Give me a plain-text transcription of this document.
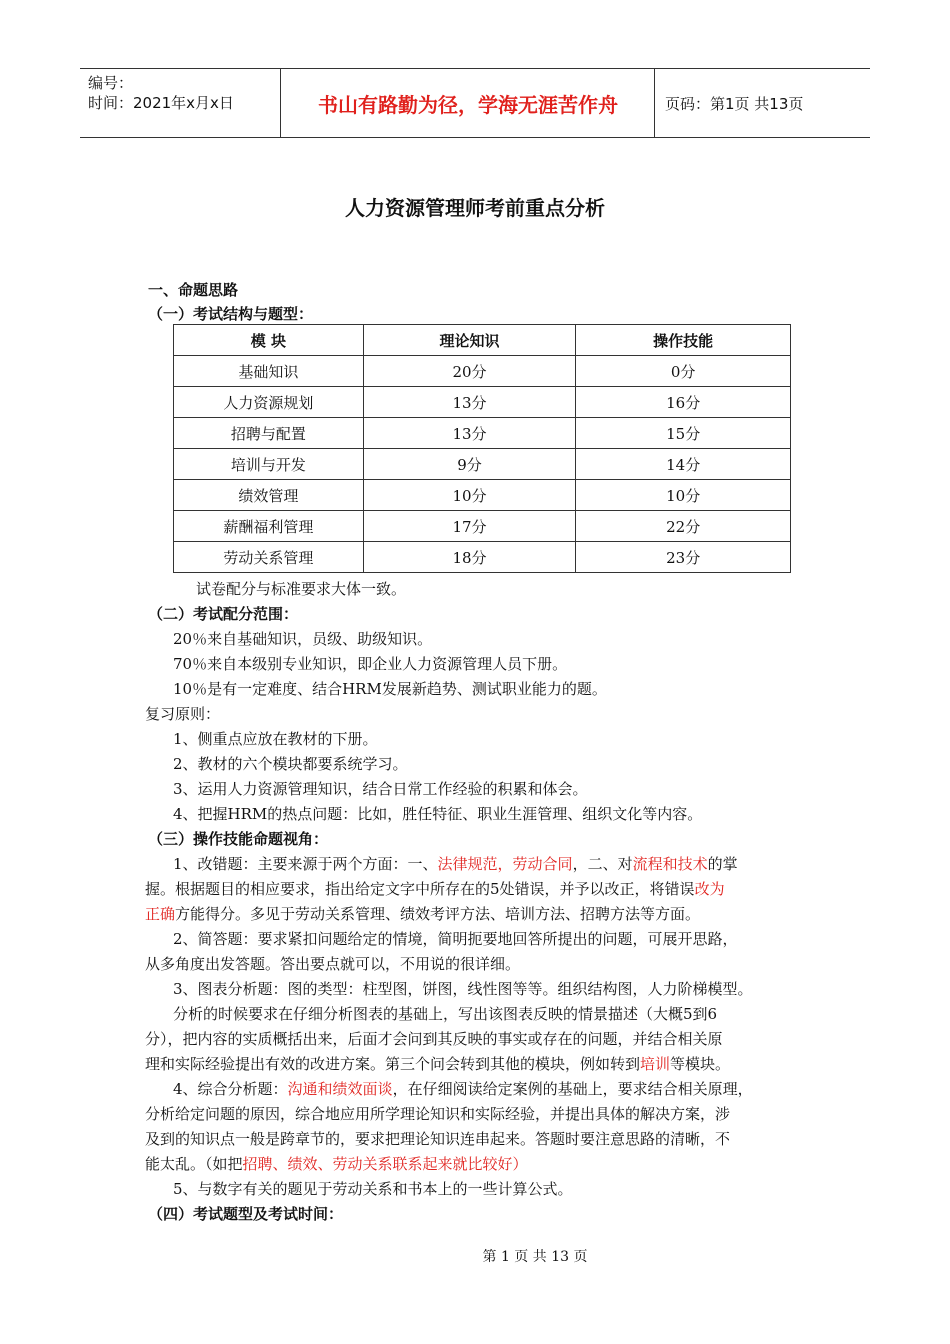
编号：
时间：2021年x月x日	书山有路勤为径，学海无涯苦作舟	页码：第1页 共13页
人力资源管理师考前重点分析
一、命题思路
（一）考试结构与题型：
模 块	理论知识	操作技能
基础知识	20分	0分
人力资源规划	13分	16分
招聘与配置	13分	15分
培训与开发	9分	14分
绩效管理	10分	10分
薪酬福利管理	17分	22分
劳动关系管理	18分	23分
试卷配分与标准要求大体一致。
（二）考试配分范围：
20％来自基础知识，员级、助级知识。
70％来自本级别专业知识，即企业人力资源管理人员下册。
10％是有一定难度、结合HRM发展新趋势、测试职业能力的题。
复习原则：
1、侧重点应放在教材的下册。
2、教材的六个模块都要系统学习。
3、运用人力资源管理知识，结合日常工作经验的积累和体会。
4、把握HRM的热点问题：比如，胜任特征、职业生涯管理、组织文化等内容。
（三）操作技能命题视角：
1、改错题：主要来源于两个方面：一、法律规范，劳动合同，二、对流程和技术的掌
握。根据题目的相应要求，指出给定文字中所存在的5处错误，并予以改正，将错误改为
正确方能得分。多见于劳动关系管理、绩效考评方法、培训方法、招聘方法等方面。
2、简答题：要求紧扣问题给定的情境，简明扼要地回答所提出的问题，可展开思路，
从多角度出发答题。答出要点就可以，不用说的很详细。
3、图表分析题：图的类型：柱型图，饼图，线性图等等。组织结构图，人力阶梯模型。
分析的时候要求在仔细分析图表的基础上，写出该图表反映的情景描述（大概5到6
分），把内容的实质概括出来，后面才会问到其反映的事实或存在的问题，并结合相关原
理和实际经验提出有效的改进方案。第三个问会转到其他的模块，例如转到培训等模块。
4、综合分析题：沟通和绩效面谈，在仔细阅读给定案例的基础上，要求结合相关原理，
分析给定问题的原因，综合地应用所学理论知识和实际经验，并提出具体的解决方案，涉
及到的知识点一般是跨章节的，要求把理论知识连串起来。答题时要注意思路的清晰，不
能太乱。（如把招聘、绩效、劳动关系联系起来就比较好）
5、与数字有关的题见于劳动关系和书本上的一些计算公式。
（四）考试题型及考试时间：
第 1 页 共 13 页
